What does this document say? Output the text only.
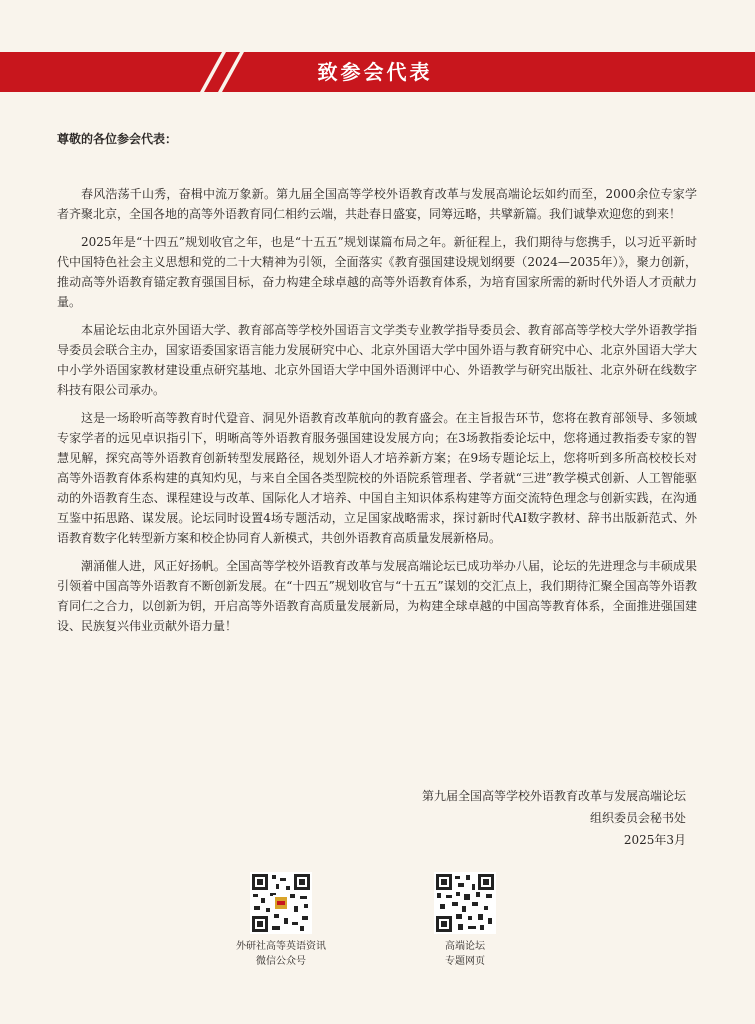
致参会代表
尊敬的各位参会代表：

春风浩荡千山秀，奋楫中流万象新。第九届全国高等学校外语教育改革与发展高端论坛如约而至，2000余位专家学者齐聚北京，全国各地的高等外语教育同仁相约云端，共赴春日盛宴，同筹远略，共擘新篇。我们诚挚欢迎您的到来！

2025年是“十四五”规划收官之年，也是“十五五”规划谋篇布局之年。新征程上，我们期待与您携手，以习近平新时代中国特色社会主义思想和党的二十大精神为引领，全面落实《教育强国建设规划纲要（2024—2035年）》，聚力创新，推动高等外语教育锚定教育强国目标，奋力构建全球卓越的高等外语教育体系，为培育国家所需的新时代外语人才贡献力量。

本届论坛由北京外国语大学、教育部高等学校外国语言文学类专业教学指导委员会、教育部高等学校大学外语教学指导委员会联合主办，国家语委国家语言能力发展研究中心、北京外国语大学中国外语与教育研究中心、北京外国语大学大中小学外语国家教材建设重点研究基地、北京外国语大学中国外语测评中心、外语教学与研究出版社、北京外研在线数字科技有限公司承办。

这是一场聆听高等教育时代跫音、洞见外语教育改革航向的教育盛会。在主旨报告环节，您将在教育部领导、多领域专家学者的远见卓识指引下，明晰高等外语教育服务强国建设发展方向；在3场教指委论坛中，您将通过教指委专家的智慧见解，探究高等外语教育创新转型发展路径，规划外语人才培养新方案；在9场专题论坛上，您将听到多所高校校长对高等外语教育体系构建的真知灼见，与来自全国各类型院校的外语院系管理者、学者就“三进”教学模式创新、人工智能驱动的外语教育生态、课程建设与改革、国际化人才培养、中国自主知识体系构建等方面交流特色理念与创新实践，在沟通互鉴中拓思路、谋发展。论坛同时设置4场专题活动，立足国家战略需求，探讨新时代AI数字教材、辞书出版新范式、外语教育数字化转型新方案和校企协同育人新模式，共创外语教育高质量发展新格局。

潮涌催人进，风正好扬帆。全国高等学校外语教育改革与发展高端论坛已成功举办八届，论坛的先进理念与丰硕成果引领着中国高等外语教育不断创新发展。在“十四五”规划收官与“十五五”谋划的交汇点上，我们期待汇聚全国高等外语教育同仁之合力，以创新为钥，开启高等外语教育高质量发展新局，为构建全球卓越的中国高等教育体系，全面推进强国建设、民族复兴伟业贡献外语力量！

第九届全国高等学校外语教育改革与发展高端论坛
组织委员会秘书处
2025年3月
外研社高等英语资讯
微信公众号
高端论坛
专题网页
